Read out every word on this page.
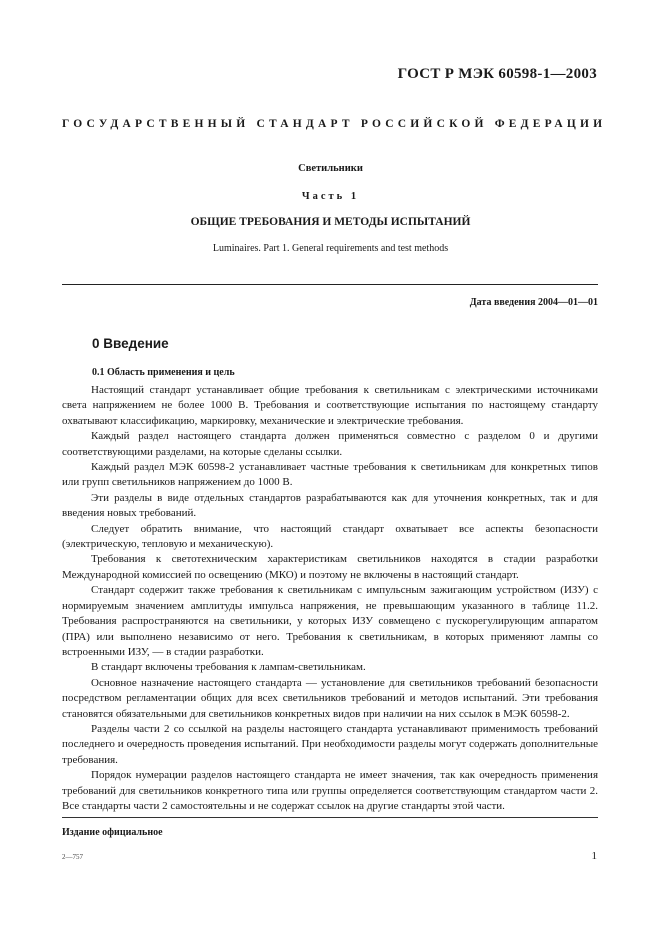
ГОСТ Р МЭК 60598-1—2003
ГОСУДАРСТВЕННЫЙ СТАНДАРТ РОССИЙСКОЙ ФЕДЕРАЦИИ
Светильники
Часть 1
ОБЩИЕ ТРЕБОВАНИЯ И МЕТОДЫ ИСПЫТАНИЙ
Luminaires. Part 1. General requirements and test methods
Дата введения 2004—01—01
0 Введение
0.1 Область применения и цель

Настоящий стандарт устанавливает общие требования к светильникам с электрическими источниками света напряжением не более 1000 В. Требования и соответствующие испытания по настоящему стандарту охватывают классификацию, маркировку, механические и электрические требования.

Каждый раздел настоящего стандарта должен применяться совместно с разделом 0 и другими соответствующими разделами, на которые сделаны ссылки.

Каждый раздел МЭК 60598-2 устанавливает частные требования к светильникам для конкретных типов или групп светильников напряжением до 1000 В.

Эти разделы в виде отдельных стандартов разрабатываются как для уточнения конкретных, так и для введения новых требований.

Следует обратить внимание, что настоящий стандарт охватывает все аспекты безопасности (электрическую, тепловую и механическую).

Требования к светотехническим характеристикам светильников находятся в стадии разработки Международной комиссией по освещению (МКО) и поэтому не включены в настоящий стандарт.

Стандарт содержит также требования к светильникам с импульсным зажигающим устройством (ИЗУ) с нормируемым значением амплитуды импульса напряжения, не превышающим указанного в таблице 11.2. Требования распространяются на светильники, у которых ИЗУ совмещено с пускорегулирующим аппаратом (ПРА) или выполнено независимо от него. Требования к светильникам, в которых применяют лампы со встроенными ИЗУ, — в стадии разработки.

В стандарт включены требования к лампам-светильникам.

Основное назначение настоящего стандарта — установление для светильников требований безопасности посредством регламентации общих для всех светильников требований и методов испытаний. Эти требования становятся обязательными для светильников конкретных видов при наличии на них ссылок в МЭК 60598-2.

Разделы части 2 со ссылкой на разделы настоящего стандарта устанавливают применимость требований последнего и очередность проведения испытаний. При необходимости разделы могут содержать дополнительные требования.

Порядок нумерации разделов настоящего стандарта не имеет значения, так как очередность применения требований для светильников конкретного типа или группы определяется соответствующим стандартом части 2. Все стандарты части 2 самостоятельны и не содержат ссылок на другие стандарты этой части.

Издание официальное
2—757	1
